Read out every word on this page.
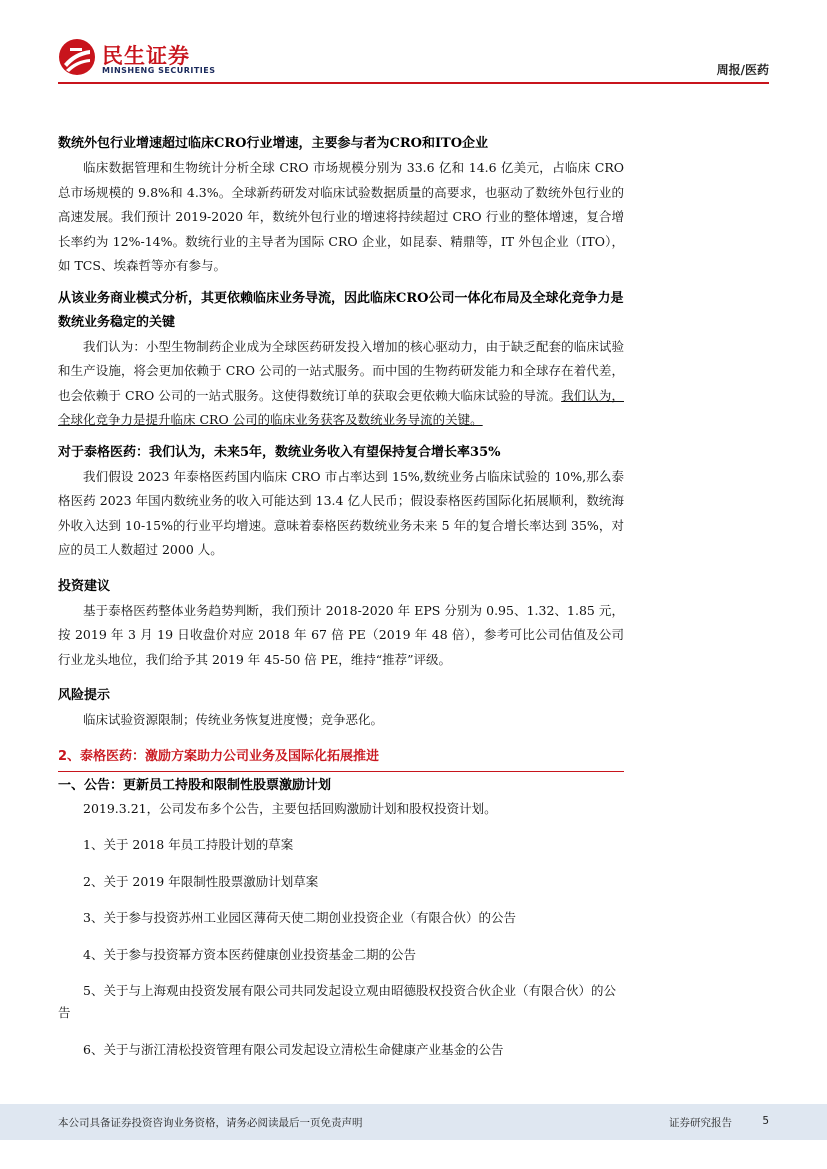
民生证券
MINSHENG SECURITIES	周报/医药

数统外包行业增速超过临床CRO行业增速，主要参与者为CRO和ITO企业

临床数据管理和生物统计分析全球 CRO 市场规模分别为 33.6 亿和 14.6 亿美元，占临床 CRO 总市场规模的 9.8%和 4.3%。全球新药研发对临床试验数据质量的高要求，也驱动了数统外包行业的高速发展。我们预计 2019-2020 年，数统外包行业的增速将持续超过 CRO 行业的整体增速，复合增长率约为 12%-14%。数统行业的主导者为国际 CRO 企业，如昆泰、精鼎等，IT 外包企业（ITO），如 TCS、埃森哲等亦有参与。

从该业务商业模式分析，其更依赖临床业务导流，因此临床CRO公司一体化布局及全球化竞争力是数统业务稳定的关键

我们认为：小型生物制药企业成为全球医药研发投入增加的核心驱动力，由于缺乏配套的临床试验和生产设施，将会更加依赖于 CRO 公司的一站式服务。而中国的生物药研发能力和全球存在着代差，也会依赖于 CRO 公司的一站式服务。这使得数统订单的获取会更依赖大临床试验的导流。我们认为，全球化竞争力是提升临床 CRO 公司的临床业务获客及数统业务导流的关键。

对于泰格医药：我们认为，未来5年，数统业务收入有望保持复合增长率35%

我们假设 2023 年泰格医药国内临床 CRO 市占率达到 15%,数统业务占临床试验的 10%,那么泰格医药 2023 年国内数统业务的收入可能达到 13.4 亿人民币；假设泰格医药国际化拓展顺利，数统海外收入达到 10-15%的行业平均增速。意味着泰格医药数统业务未来 5 年的复合增长率达到 35%，对应的员工人数超过 2000 人。

投资建议

基于泰格医药整体业务趋势判断，我们预计 2018-2020 年 EPS 分别为 0.95、1.32、1.85 元，按 2019 年 3 月 19 日收盘价对应 2018 年 67 倍 PE（2019 年 48 倍），参考可比公司估值及公司行业龙头地位，我们给予其 2019 年 45-50 倍 PE，维持“推荐”评级。

风险提示

临床试验资源限制；传统业务恢复进度慢；竞争恶化。

2、泰格医药：激励方案助力公司业务及国际化拓展推进

一、公告：更新员工持股和限制性股票激励计划

2019.3.21，公司发布多个公告，主要包括回购激励计划和股权投资计划。

1、关于 2018 年员工持股计划的草案

2、关于 2019 年限制性股票激励计划草案

3、关于参与投资苏州工业园区薄荷天使二期创业投资企业（有限合伙）的公告

4、关于参与投资幂方资本医药健康创业投资基金二期的公告

5、关于与上海观由投资发展有限公司共同发起设立观由昭德股权投资合伙企业（有限合伙）的公告

6、关于与浙江清松投资管理有限公司发起设立清松生命健康产业基金的公告

本公司具备证券投资咨询业务资格，请务必阅读最后一页免责声明	证券研究报告	5
